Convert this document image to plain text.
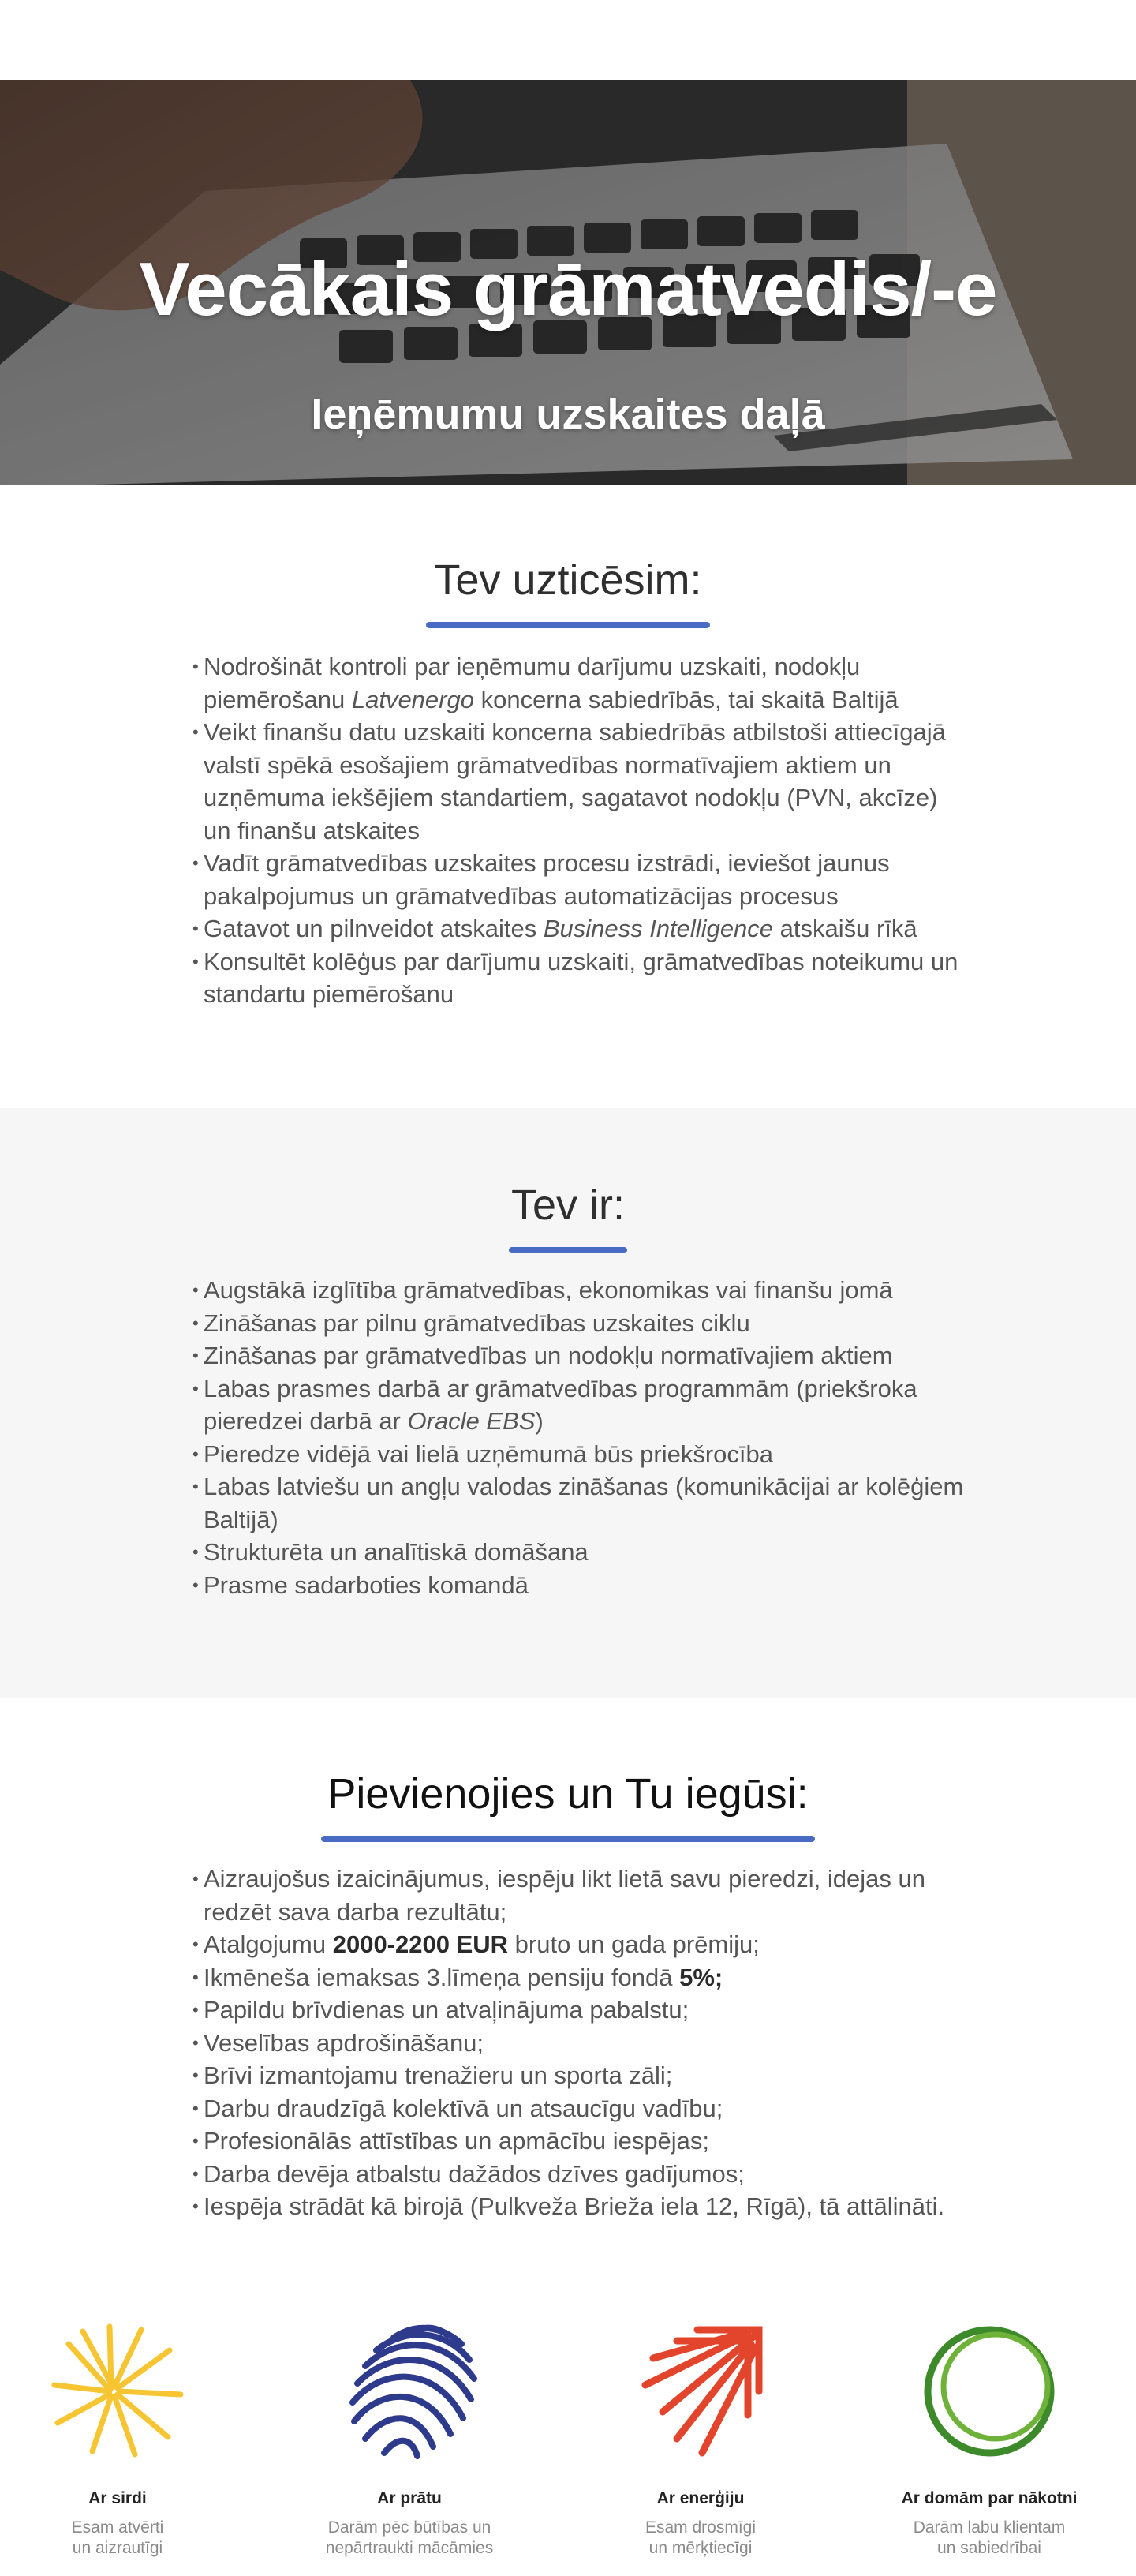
Vecākais grāmatvedis/-e
Ieņēmumu uzskaites daļā
Tev uzticēsim:
• Nodrošināt kontroli par ieņēmumu darījumu uzskaiti, nodokļu piemērošanu Latvenergo koncerna sabiedrībās, tai skaitā Baltijā
• Veikt finanšu datu uzskaiti koncerna sabiedrībās atbilstoši attiecīgajā valstī spēkā esošajiem grāmatvedības normatīvajiem aktiem un uzņēmuma iekšējiem standartiem, sagatavot nodokļu (PVN, akcīze) un finanšu atskaites
• Vadīt grāmatvedības uzskaites procesu izstrādi, ieviešot jaunus pakalpojumus un grāmatvedības automatizācijas procesus
• Gatavot un pilnveidot atskaites Business Intelligence atskaišu rīkā
• Konsultēt kolēģus par darījumu uzskaiti, grāmatvedības noteikumu un standartu piemērošanu
Tev ir:
• Augstākā izglītība grāmatvedības, ekonomikas vai finanšu jomā
• Zināšanas par pilnu grāmatvedības uzskaites ciklu
• Zināšanas par grāmatvedības un nodokļu normatīvajiem aktiem
• Labas prasmes darbā ar grāmatvedības programmām (priekšroka pieredzei darbā ar Oracle EBS)
• Pieredze vidējā vai lielā uzņēmumā būs priekšrocība
• Labas latviešu un angļu valodas zināšanas (komunikācijai ar kolēģiem Baltijā)
• Strukturēta un analītiskā domāšana
• Prasme sadarboties komandā
Pievienojies un Tu iegūsi:
• Aizraujošus izaicinājumus, iespēju likt lietā savu pieredzi, idejas un redzēt sava darba rezultātu;
• Atalgojumu 2000-2200 EUR bruto un gada prēmiju;
• Ikmēneša iemaksas 3.līmeņa pensiju fondā 5%;
• Papildu brīvdienas un atvaļinājuma pabalstu;
• Veselības apdrošināšanu;
• Brīvi izmantojamu trenažieru un sporta zāli;
• Darbu draudzīgā kolektīvā un atsaucīgu vadību;
• Profesionālās attīstības un apmācību iespējas;
• Darba devēja atbalstu dažādos dzīves gadījumos;
• Iespēja strādāt kā birojā (Pulkveža Brieža iela 12, Rīgā), tā attālināti.
Ar sirdi
Esam atvērti
un aizrautīgi
Ar prātu
Darām pēc būtības un
nepārtraukti mācāmies
Ar enerģiju
Esam drosmīgi
un mērķtiecīgi
Ar domām par nākotni
Darām labu klientam
un sabiedrībai
